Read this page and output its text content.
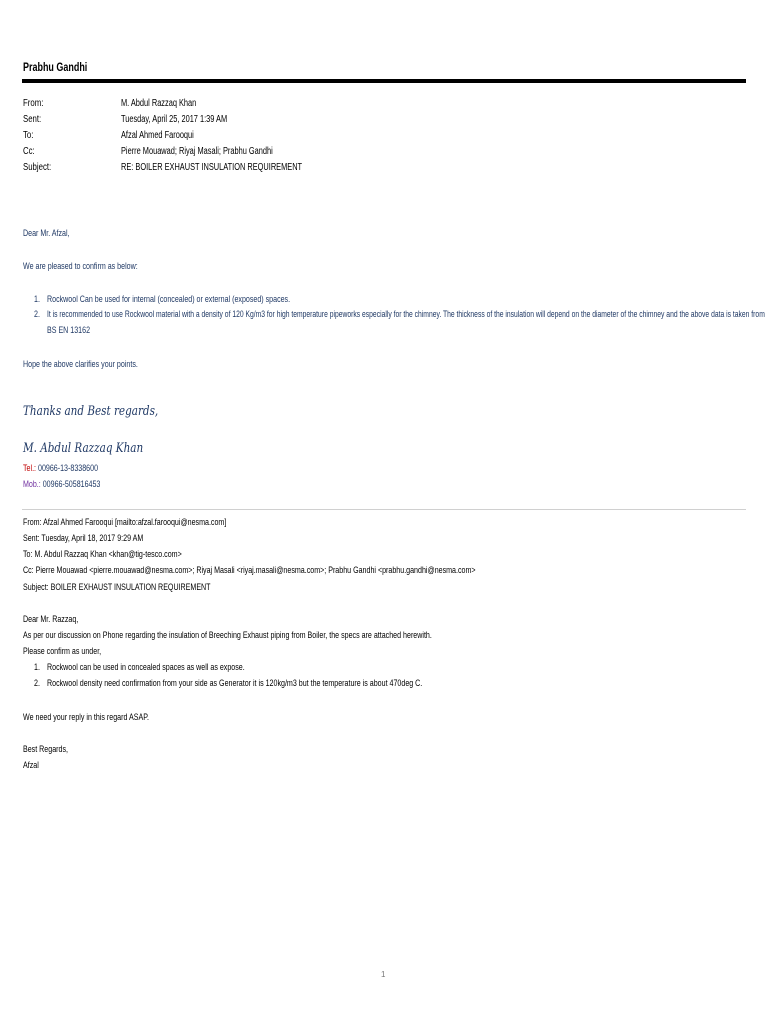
Prabhu Gandhi
From:	M. Abdul Razzaq Khan
Sent:	Tuesday, April 25, 2017 1:39 AM
To:	Afzal Ahmed Farooqui
Cc:	Pierre Mouawad; Riyaj Masali; Prabhu Gandhi
Subject:	RE: BOILER EXHAUST INSULATION REQUIREMENT
Dear Mr. Afzal,
We are pleased to confirm as below:
1. Rockwool Can be used for internal (concealed) or external (exposed) spaces.
2. It is recommended to use Rockwool material with a density of 120 Kg/m3 for high temperature pipeworks especially for the chimney. The thickness of the insulation will depend on the diameter of the chimney and the above data is taken from
BS EN 13162
Hope the above clarifies your points.
Thanks and Best regards,
M. Abdul Razzaq Khan
Tel.: 00966-13-8338600
Mob.: 00966-505816453
From: Afzal Ahmed Farooqui [mailto:afzal.farooqui@nesma.com]
Sent: Tuesday, April 18, 2017 9:29 AM
To: M. Abdul Razzaq Khan <khan@tig-tesco.com>
Cc: Pierre Mouawad <pierre.mouawad@nesma.com>; Riyaj Masali <riyaj.masali@nesma.com>; Prabhu Gandhi <prabhu.gandhi@nesma.com>
Subject: BOILER EXHAUST INSULATION REQUIREMENT
Dear Mr. Razzaq,
As per our discussion on Phone regarding the insulation of Breeching Exhaust piping from Boiler, the specs are attached herewith.
Please confirm as under,
1. Rockwool can be used in concealed spaces as well as expose.
2. Rockwool density need confirmation from your side as Generator it is 120kg/m3 but the temperature is about 470deg C.
We need your reply in this regard ASAP.
Best Regards,
Afzal
1
